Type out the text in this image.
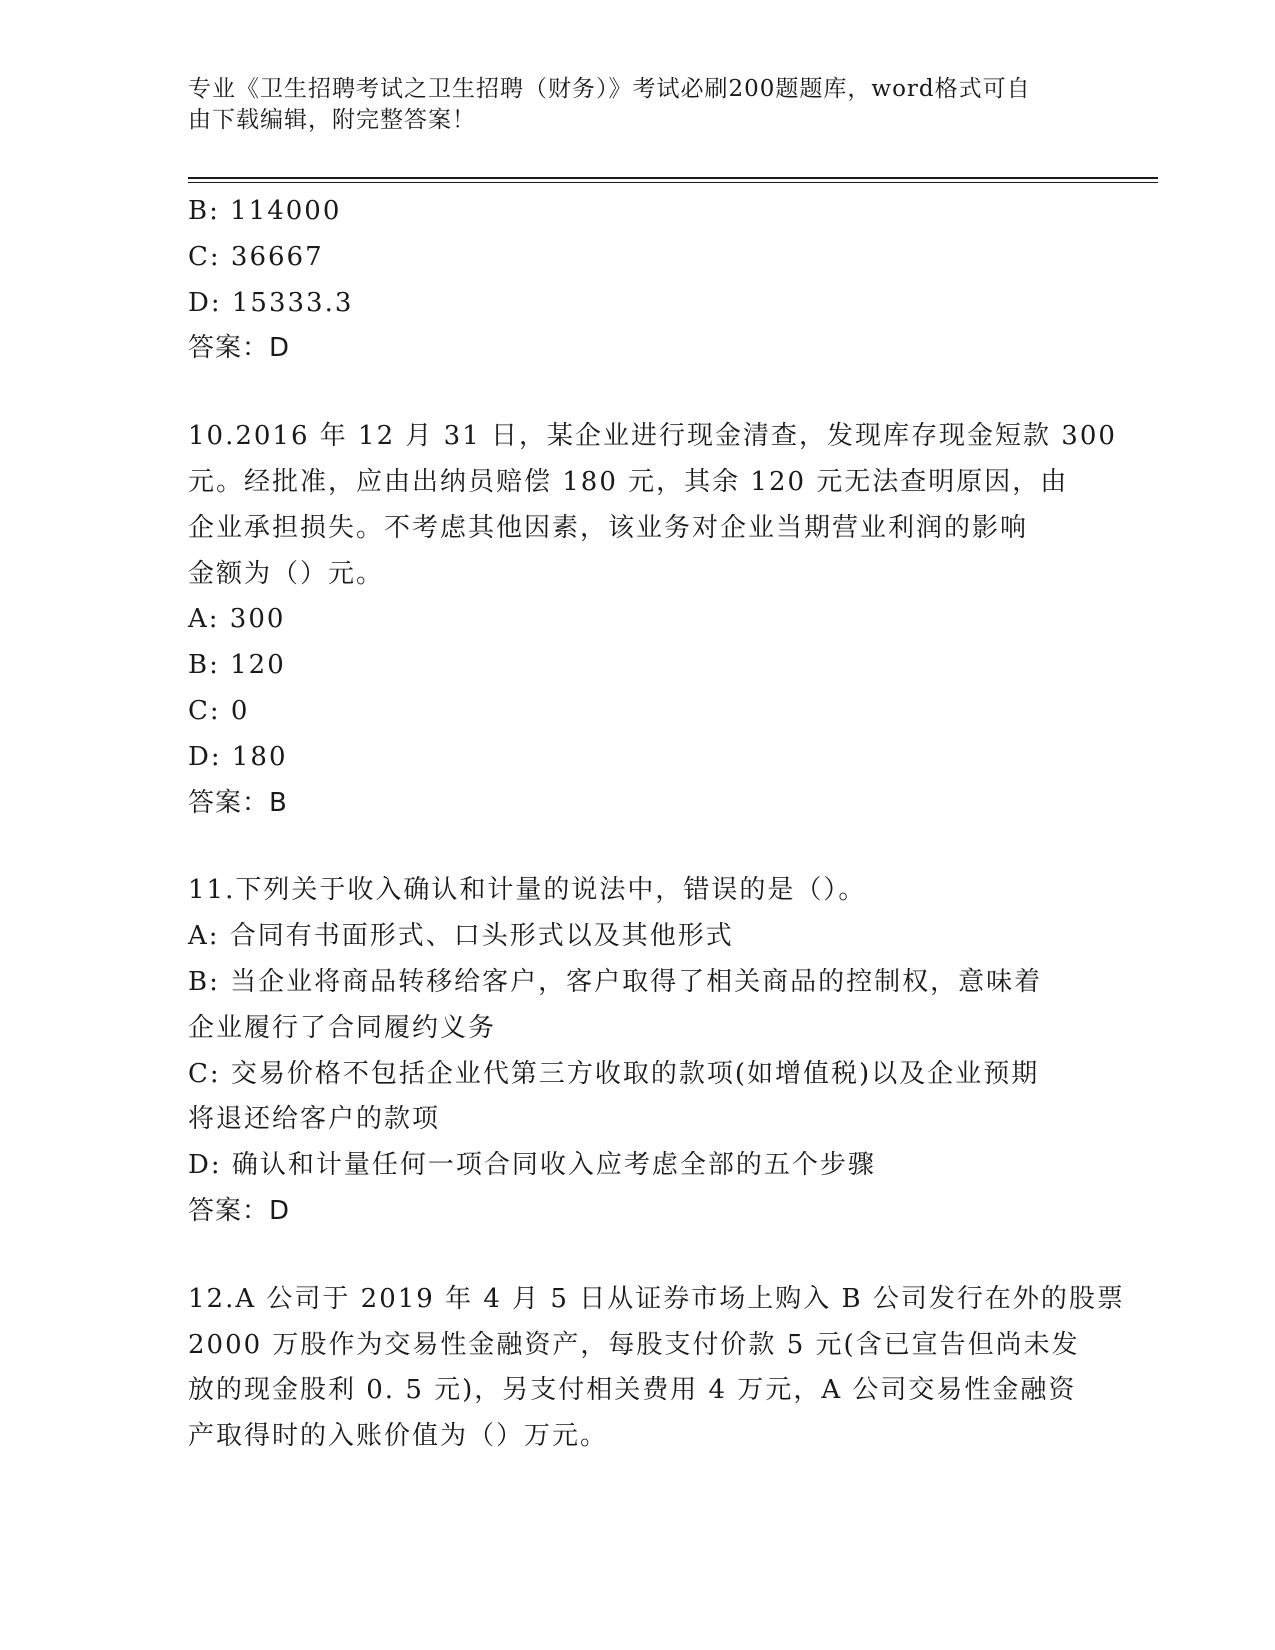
专业《卫生招聘考试之卫生招聘（财务）》考试必刷200题题库，word格式可自
由下载编辑，附完整答案！
B: 114000
C: 36667
D: 15333.3
答案：D
10.2016 年 12 月 31 日，某企业进行现金清查，发现库存现金短款 300
元。经批准，应由出纳员赔偿 180 元，其余 120 元无法查明原因，由
企业承担损失。不考虑其他因素，该业务对企业当期营业利润的影响
金额为（）元。
A: 300
B: 120
C: 0
D: 180
答案：B
11.下列关于收入确认和计量的说法中，错误的是（）。
A: 合同有书面形式、口头形式以及其他形式
B: 当企业将商品转移给客户，客户取得了相关商品的控制权，意味着
企业履行了合同履约义务
C: 交易价格不包括企业代第三方收取的款项(如增值税)以及企业预期
将退还给客户的款项
D: 确认和计量任何一项合同收入应考虑全部的五个步骤
答案：D
12.A 公司于 2019 年 4 月 5 日从证券市场上购入 B 公司发行在外的股票
2000 万股作为交易性金融资产，每股支付价款 5 元(含已宣告但尚未发
放的现金股利 0. 5 元)，另支付相关费用 4 万元，A 公司交易性金融资
产取得时的入账价值为（）万元。
